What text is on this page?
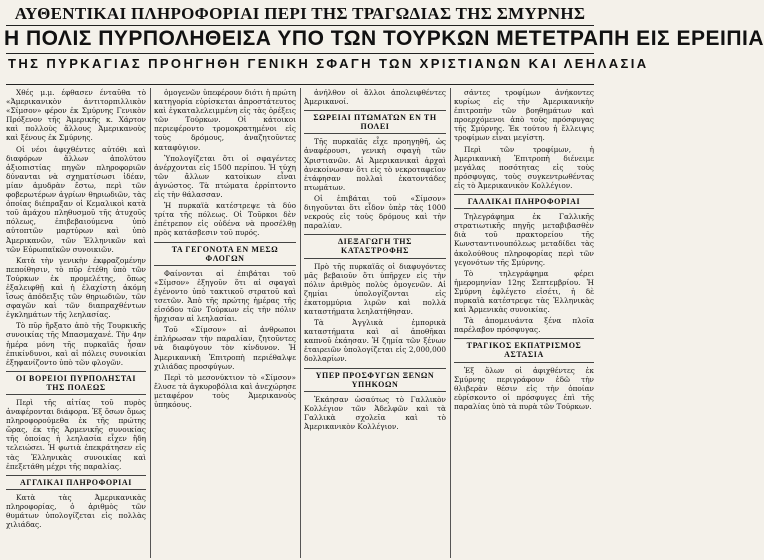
ΑΥΘΕΝΤΙΚΑΙ ΠΛΗΡΟΦΟΡΙΑΙ ΠΕΡΙ ΤΗΣ ΤΡΑΓΩΔΙΑΣ ΤΗΣ ΣΜΥΡΝΗΣ
Η ΠΟΛΙΣ ΠΥΡΠΟΛΗΘΕΙΣΑ ΥΠΟ ΤΩΝ ΤΟΥΡΚΩΝ ΜΕΤΕΤΡΑΠΗ ΕΙΣ ΕΡΕΙΠΙΑ
ΤΗΣ ΠΥΡΚΑΓΙΑΣ ΠΡΟΗΓΗΘΗ ΓΕΝΙΚΗ ΣΦΑΓΗ ΤΩΝ ΧΡΙΣΤΙΑΝΩΝ ΚΑΙ ΛΕΗΛΑΣΙΑ

Χθές μ.μ. έφθασεν ένταῦθα τὸ «Ἀμερικανικὸν ἀντιτορπιλλικὸν «Σίμσον» φέρον ἐκ Σμύρνης Γενικὸν Πρόξενον τῆς Ἀμερικῆς κ. Χάρτον καὶ πολλοὺς ἄλλους Ἀμερικανοὺς καὶ ξένους ἐκ Σμύρνης.

Οἱ νέοι ἀφιχθέντες αὐτόθι καὶ διαφόρων ἄλλων ἀπολύτου ἀξιοπιστίας πηγῶν πληροφοριῶν δύνανται νὰ σχηματίσωσι ἰδέαν, μίαν ἀμυδρὰν ἔστω, περὶ τῶν φοβερωτέρων ἀγρίων θηριωδιῶν, τὰς ὁποίας διέπραξαν οἱ Κεμαλικοὶ κατὰ τοῦ ἀμάχου πληθυσμοῦ τῆς ἀτυχοῦς πόλεως, ἐπιβεβαιούμενα ὑπὸ αὐτοπτῶν μαρτύρων καὶ ὑπὸ Ἀμερικανῶν, τῶν Ἑλληνικῶν καὶ τῶν Εὐρωπαϊκῶν συνοικιῶν.

Κατὰ τὴν γενικὴν ἐκφραζομένην πεποίθησιν, τὸ πῦρ ἐτέθη ὑπὸ τῶν Τούρκων ἐκ προμελέτης, ὅπως ἐξαλειφθῇ καὶ ἡ ἐλαχίστη ἀκόμη ἴσως ἀπόδειξις τῶν θηριωδιῶν, τῶν σφαγῶν καὶ τῶν διαπραχθέντων ἐγκλημάτων τῆς λεηλασίας.

Τὸ πῦρ ἤρξατο ἀπὸ τῆς Τουρκικῆς συνοικίας τῆς Μπασμαχανέ. Τὴν 4ην ἡμέρα μόνη τῆς πυρκαϊᾶς ἦσαν ἐπικίνδυνοι, καὶ αἱ πόλεις συνοικίαι ἐξηφανίζοντο ὑπὸ τῶν φλογῶν.

ΟΙ ΒΟΡΕΙΟΙ ΠΥΡΠΟΛΗΣΤΑΙ ΤΗΣ ΠΟΛΕΩΣ

Περὶ τῆς αἰτίας τοῦ πυρὸς ἀναφέρονται διάφορα. Ἐξ ὅσων ὅμως πληροφορούμεθα ἐκ τῆς πρώτης ὥρας, ἐκ τῆς Ἀρμενικῆς συνοικίας τῆς ὁποίας ἡ λεηλασία εἶχεν ἤδη τελειώσει. Ἡ φωτιὰ ἐπεκράτησεν εἰς τὰς Ἑλληνικὰς συνοικίας καὶ ἐπεξετάθη μέχρι τῆς παραλίας.

ΑΓΓΛΙΚΑΙ ΠΛΗΡΟΦΟΡΙΑΙ

Κατὰ τὰς Ἀμερικανικὰς πληροφορίας, ὁ ἀριθμὸς τῶν θυμάτων ὑπολογίζεται εἰς πολλὰς χιλιάδας.

ὁμογενῶν ὑπεφέρουν διότι ἡ πρώτη κατηγορία εὑρίσκεται ἀπροστάτευτος καὶ ἐγκαταλελειμμένη εἰς τὰς ὀρέξεις τῶν Τούρκων. Οἱ κάτοικοι περιεφέροντο τρομοκρατημένοι εἰς τοὺς δρόμους, ἀναζητοῦντες καταφύγιον.

Ὑπολογίζεται ὅτι οἱ σφαγέντες ἀνέρχονται εἰς 1500 περίπου. Ἡ τύχη τῶν ἄλλων κατοίκων εἶναι ἀγνώστος. Τὰ πτώματα ἐρρίπτοντο εἰς τὴν θάλασσαν.

Ἡ πυρκαϊὰ κατέστρεψε τὰ δύο τρίτα τῆς πόλεως. Οἱ Τοῦρκοι δὲν ἐπέτρεπον εἰς οὐδένα νὰ προσέλθῃ πρὸς κατάσβεσιν τοῦ πυρός.

ΤΑ ΓΕΓΟΝΟΤΑ ΕΝ ΜΕΣΩ ΦΛΟΓΩΝ

Φαίνονται αἱ ἐπιβάται τοῦ «Σίμσον» ἐξηγοῦν ὅτι αἱ σφαγαὶ ἐγένοντο ὑπὸ τακτικοῦ στρατοῦ καὶ τσετῶν. Ἀπὸ τῆς πρώτης ἡμέρας τῆς εἰσόδου τῶν Τούρκων εἰς τὴν πόλιν ἤρχισαν αἱ λεηλασίαι.

Τοῦ «Σίμσον» αἱ ἀνθρωποι ἐπλήρωσαν τὴν παραλίαν, ζητοῦντες νὰ διαφύγουν τὸν κίνδυνον. Ἡ Ἀμερικανικὴ Ἐπιτροπὴ περιέθαλψε χιλιάδας προσφύγων.

Περὶ τὸ μεσονύκτιον τὸ «Σίμσον» ἔλυσε τὰ ἀγκυροβόλια καὶ ἀνεχώρησε μεταφέρον τοὺς Ἀμερικανοὺς ὑπηκόους.

ἀνήλθον οἱ ἄλλοι ἀπολειφθέντες Ἀμερικανοί.

ΣΩΡΕΙΑΙ ΠΤΩΜΑΤΩΝ ΕΝ ΤΗ ΠΟΛΕΙ

Τῆς πυρκαϊᾶς εἶχε προηγηθῆ, ὡς ἀναφέρουσι, γενικὴ σφαγὴ τῶν Χριστιανῶν. Αἱ Ἀμερικανικαὶ ἀρχαὶ ἀνεκοίνωσαν ὅτι εἰς τὸ νεκροταφεῖον ἐτάφησαν πολλαὶ ἑκατοντάδες πτωμάτων.

Οἱ ἐπιβάται τοῦ «Σίμσον» διηγοῦνται ὅτι εἶδον ὑπὲρ τὰς 1000 νεκρούς εἰς τοὺς δρόμους καὶ τὴν παραλίαν.

ΔΙΕΞΑΓΩΓΗ ΤΗΣ ΚΑΤΑΣΤΡΟΦΗΣ

Πρὸ τῆς πυρκαϊᾶς οἱ διαφυγόντες μᾶς βεβαιοῦν ὅτι ὑπῆρχεν εἰς τὴν πόλιν ἀριθμὸς πολὺς ὁμογενῶν. Αἱ ζημίαι ὑπολογίζονται εἰς ἑκατομμύρια λιρῶν καὶ πολλὰ καταστήματα λεηλατήθησαν.

Τὰ Ἀγγλικὰ ἐμπορικὰ καταστήματα καὶ αἱ ἀποθῆκαι καπνοῦ ἐκάησαν. Ἡ ζημία τῶν ξένων ἐταιρειῶν ὑπολογίζεται εἰς 2,000,000 δολλαρίων.

ΥΠΕΡ ΠΡΟΣΦΥΓΩΝ ΞΕΝΩΝ ΥΠΗΚΟΩΝ

Ἐκάησαν ὡσαύτως τὸ Γαλλικὸν Κολλέγιον τῶν Ἀδελφῶν καὶ τὰ Γαλλικὰ σχολεῖα καὶ τὸ Ἀμερικανικὸν Κολλέγιον.

σάντες τροφίμων ἀνήκοντες κυρίως εἰς τὴν Ἀμερικανικὴν ἐπιτροπὴν τῶν βοηθημάτων καὶ προερχόμενοι ἀπὸ τοὺς πρόσφυγας τῆς Σμύρνης. Ἐκ τούτου ἡ ἔλλειψις τροφίμων εἶναι μεγίστη.

Περὶ τῶν τροφίμων, ἡ Ἀμερικανικὴ Ἐπιτροπὴ διένειμε μεγάλας ποσότητας εἰς τοὺς πρόσφυγας, τοὺς συγκεντρωθέντας εἰς τὸ Ἀμερικανικὸν Κολλέγιον.

ΓΑΛΛΙΚΑΙ ΠΛΗΡΟΦΟΡΙΑΙ

Τηλεγράφημα ἐκ Γαλλικῆς στρατιωτικῆς πηγῆς μεταβιβασθὲν διὰ τοῦ πρακτορείου τῆς Κωνσταντινουπόλεως μεταδίδει τὰς ἀκολούθους πληροφορίας περὶ τῶν γεγονότων τῆς Σμύρνης.

Τὸ τηλεγράφημα φέρει ἡμερομηνίαν 12ης Σεπτεμβρίου. Ἡ Σμύρνη ἐφλέγετο εἰσέτι, ἡ δὲ πυρκαϊὰ κατέστρεψε τὰς Ἑλληνικὰς καὶ Ἀρμενικὰς συνοικίας.

Τὰ ἀπομεινάντα ξένα πλοῖα παρέλαβον πρόσφυγας.

ΤΡΑΓΙΚΟΣ ΕΚΠΑΤΡΙΣΜΟΣ ΑΣΤΑΣΙΑ

Ἐξ ὅλων οἱ ἀφιχθέντες ἐκ Σμύρνης περιγράφουν ἐδῶ τὴν θλιβερὰν θέσιν εἰς τὴν ὁποίαν εὑρίσκοντο οἱ πρόσφυγες ἐπὶ τῆς παραλίας ὑπὸ τὰ πυρὰ τῶν Τούρκων.
